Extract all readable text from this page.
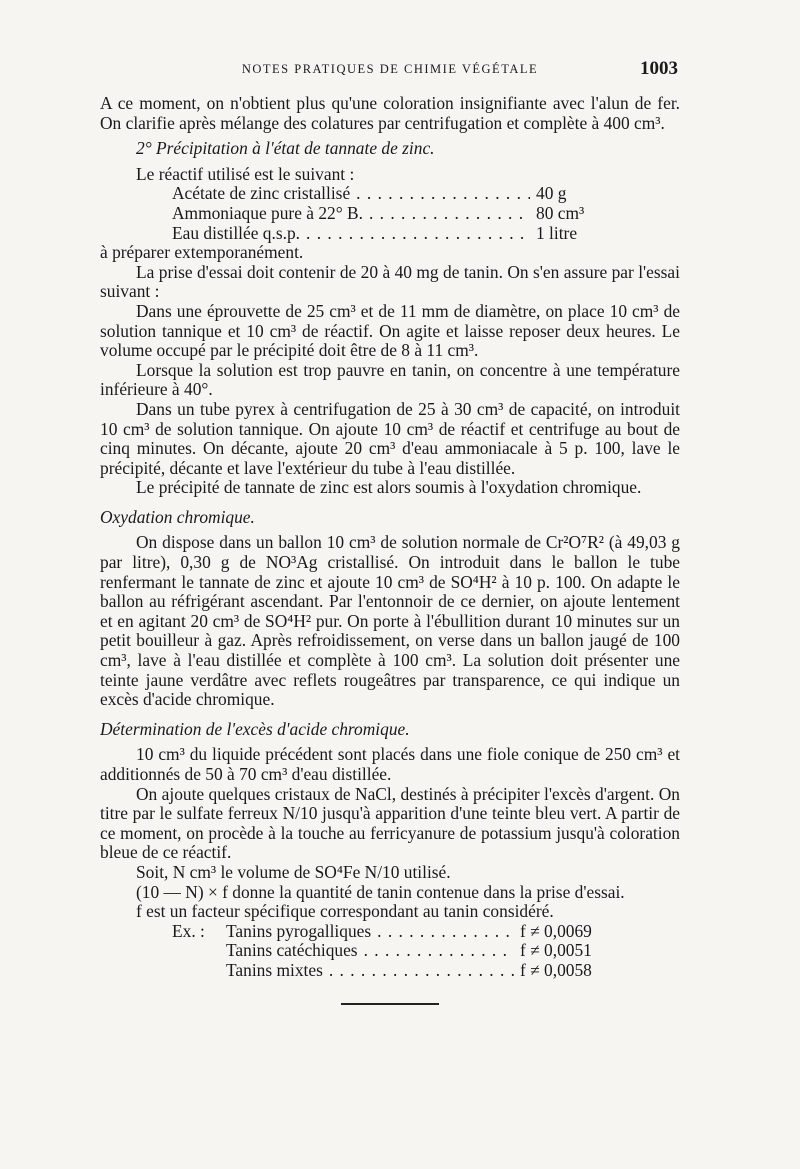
NOTES PRATIQUES DE CHIMIE VÉGÉTALE	1003

A ce moment, on n'obtient plus qu'une coloration insignifiante avec l'alun de fer. On clarifie après mélange des colatures par centrifugation et complète à 400 cm³.

2° Précipitation à l'état de tannate de zinc.

Le réactif utilisé est le suivant :

Acétate de zinc cristallisé . . .	40 g
Ammoniaque pure à 22° B. . . .	80 cm³
Eau distillée q.s.p. . . .	1 litre

à préparer extemporanément.

La prise d'essai doit contenir de 20 à 40 mg de tanin. On s'en assure par l'essai suivant :

Dans une éprouvette de 25 cm³ et de 11 mm de diamètre, on place 10 cm³ de solution tannique et 10 cm³ de réactif. On agite et laisse reposer deux heures. Le volume occupé par le précipité doit être de 8 à 11 cm³.

Lorsque la solution est trop pauvre en tanin, on concentre à une température inférieure à 40°.

Dans un tube pyrex à centrifugation de 25 à 30 cm³ de capacité, on introduit 10 cm³ de solution tannique. On ajoute 10 cm³ de réactif et centrifuge au bout de cinq minutes. On décante, ajoute 20 cm³ d'eau ammoniacale à 5 p. 100, lave le précipité, décante et lave l'extérieur du tube à l'eau distillée.

Le précipité de tannate de zinc est alors soumis à l'oxydation chromique.

Oxydation chromique.

On dispose dans un ballon 10 cm³ de solution normale de Cr²O⁷R² (à 49,03 g par litre), 0,30 g de NO³Ag cristallisé. On introduit dans le ballon le tube renfermant le tannate de zinc et ajoute 10 cm³ de SO⁴H² à 10 p. 100. On adapte le ballon au réfrigérant ascendant. Par l'entonnoir de ce dernier, on ajoute lentement et en agitant 20 cm³ de SO⁴H² pur. On porte à l'ébullition durant 10 minutes sur un petit bouilleur à gaz. Après refroidissement, on verse dans un ballon jaugé de 100 cm³, lave à l'eau distillée et complète à 100 cm³. La solution doit présenter une teinte jaune verdâtre avec reflets rougeâtres par transparence, ce qui indique un excès d'acide chromique.

Détermination de l'excès d'acide chromique.

10 cm³ du liquide précédent sont placés dans une fiole conique de 250 cm³ et additionnés de 50 à 70 cm³ d'eau distillée.

On ajoute quelques cristaux de NaCl, destinés à précipiter l'excès d'argent. On titre par le sulfate ferreux N/10 jusqu'à apparition d'une teinte bleu vert. A partir de ce moment, on procède à la touche au ferricyanure de potassium jusqu'à coloration bleue de ce réactif.

Soit, N cm³ le volume de SO⁴Fe N/10 utilisé.

(10 — N) × f donne la quantité de tanin contenue dans la prise d'essai.

f est un facteur spécifique correspondant au tanin considéré.

Ex. :	Tanins pyrogalliques . . .	f ≠ 0,0069
Tanins catéchiques . . .	f ≠ 0,0051
Tanins mixtes . . .	f ≠ 0,0058
